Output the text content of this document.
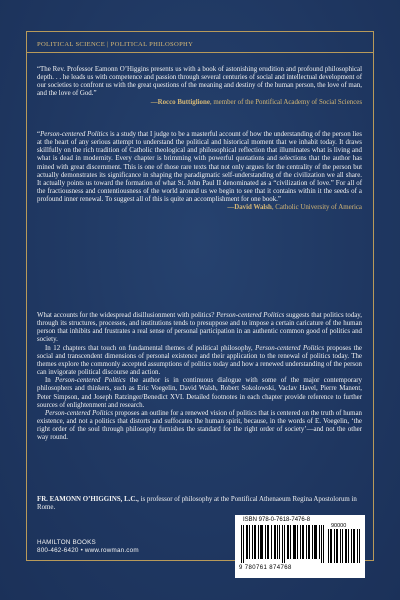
POLITICAL SCIENCE | POLITICAL PHILOSOPHY

“The Rev. Professor Eamonn O’Higgins presents us with a book of astonishing erudition and profound philosophical depth. . . he leads us with competence and passion through several centuries of social and intellectual development of our societies to confront us with the great questions of the meaning and destiny of the human person, the love of man, and the love of God.”

—Rocco Buttiglione, member of the Pontifical Academy of Social Sciences

“Person-centered Politics is a study that I judge to be a masterful account of how the understanding of the person lies at the heart of any serious attempt to understand the political and historical moment that we inhabit today. It draws skillfully on the rich tradition of Catholic theological and philosophical reflection that illuminates what is living and what is dead in modernity. Every chapter is brimming with powerful quotations and selections that the author has mined with great discernment. This is one of those rare texts that not only argues for the centrality of the person but actually demonstrates its significance in shaping the paradigmatic self-understanding of the civilization we all share. It actually points us toward the formation of what St. John Paul II denominated as a “civilization of love.” For all of the fractiousness and contentiousness of the world around us we begin to see that it contains within it the seeds of a profound inner renewal. To suggest all of this is quite an accomplishment for one book.”

—David Walsh, Catholic University of America

What accounts for the widespread disillusionment with politics? Person-centered Politics suggests that politics today, through its structures, processes, and institutions tends to presuppose and to impose a certain caricature of the human person that inhibits and frustrates a real sense of personal participation in an authentic common good of politics and society.

In 12 chapters that touch on fundamental themes of political philosophy, Person-centered Politics proposes the social and transcendent dimensions of personal existence and their application to the renewal of politics today. The themes explore the commonly accepted assumptions of politics today and how a renewed understanding of the person can invigorate political discourse and action.

In Person-centered Politics the author is in continuous dialogue with some of the major contemporary philosophers and thinkers, such as Eric Voegelin, David Walsh, Robert Sokolowski, Vaclav Havel, Pierre Manent, Peter Simpson, and Joseph Ratzinger/Benedict XVI. Detailed footnotes in each chapter provide reference to further sources of enlightenment and research.

Person-centered Politics proposes an outline for a renewed vision of politics that is centered on the truth of human existence, and not a politics that distorts and suffocates the human spirit, because, in the words of E. Voegelin, ‘the right order of the soul through philosophy furnishes the standard for the right order of society’—and not the other way round.

FR. EAMONN O’HIGGINS, L.C., is professor of philosophy at the Pontifical Athenaeum Regina Apostolorum in Rome.
HAMILTON BOOKS
800-462-6420 • www.rowman.com
ISBN 978-0-7618-7476-8
90000
9 780761 874768
